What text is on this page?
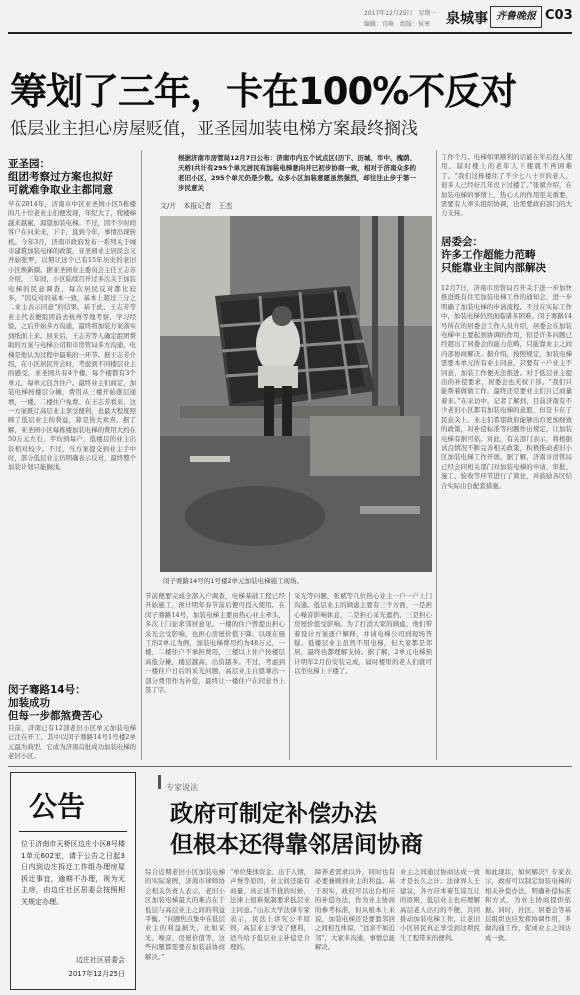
2017年12月25日　星期一
编辑：宫峰　组版：侯寒 泉城事 齐鲁晚报 C03
筹划了三年，卡在100%不反对
低层业主担心房屋贬值，亚圣园加装电梯方案最终搁浅
亚圣园：
组团考察过方案也拟好
可就难争取业主都同意
早在2014年，济南市中区亚圣园小区5栋楼的几十位老业主们便发现，年纪大了，爬楼梯越来越累，渴望加装电梯。不过，因不少时间客户在问来来，下手，直到今年，事情出现转机。今年3月，济南市政府发布一系列关于城市建筑加装电梯的政策，亚圣园业主居民会又开始张罗，以期让这个已有15年历史的老旧小区焕新颜。据亚圣园业主委员会主任王志芳介绍，三年间，小区陆续召开过多次关于加装电梯的民意调查，每次居民反对都比较多，“因反对的基本一致，基本上超过三分之二业主表示同意”的结果。基于此，王志芳等业主代表便组团前去杭州等地考察、学习经验，之后开始多方沟通，最终将加装方案落实到纸面上来。回来后，王志芳等人确定组团帮助的方案与电梯公司和市房管局多方沟通，电梯是他认为过程中最难的一环节。据王志芳介绍，在小区居民开会时，考虑到不同楼层业主的感受，亚圣园共有4个楼，每个楼都有3个单元，每单元包含住户。最终业主们商定，加装电梯按楼层分摊，费用从三楼开始逐层递增，一楼、二楼住户免费。在王志芳看来，这一方案既让高层业主享受便利，也最大程度照顾了低层业主的利益，算是皆大欢喜。据了解，亚圣园小区每栋楼加装电梯的费用大约在50万元左右，平均到每户，低楼层的业主出资相对较少。不过，当方案提交到业主手中时，部分低层业主仍明确表示反对，最终整个加装计划只能搁浅。
闵子骞路14号：
加装成功
但每一步都煞费苦心
目前，济南已有12部老旧小区单元加装电梯已注在开工，其中以闵子骞路14号1号楼2单元最为典型，它成为济南首批成功加装电梯的老旧小区。
根据济南市房管局12月7日公布：济南市内五个试点区(历下、历城、市中、槐荫、天桥)共计有295个单元居民有加装电梯意向并已初步协商一致，相对于济南众多的老旧小区，295个单元仍是少数。众多小区加装意愿虽然强烈，却往往止步于第一步民意关
文/片　本报记者　王杰
闵子赛路14号的1号楼2单元加装电梯施工现场。
节前便要完成全部入户调查，电梯基础工程已经开始施工，预计明年春节前后便可投入使用。在闵子骞路14号，加装电梯主要由热心业主牵头，多次上门征求邻居意见。一楼的住户曾提出担心采光会受影响，也担心房屋价值下降。以现在施工的2单元为例，加装电梯费用约为48万元，一楼、二楼住户不承担费用，三楼以上住户按楼层高低分摊，楼层越高，出资越多。不过，考虑到一楼住户日后的采光问题，高层业主自愿拿出一部分费用作为补偿，最终让一楼住户在同意书上签了字。
采光等问题，张斌等几位热心业主一户一户上门沟通。低层业主的顾虑主要有三个方面，一是担心噪音影响休息，二是担心采光遮挡，三是担心房屋价值受影响。为了打消大家的顾虑，他们带着设计方案逐户解释，并请电梯公司到现场答疑。低楼层业主虽然不用电梯，但大家都是邻居，最终也都理解支持。据了解，2单元电梯预计明年2月份安装完成，届时楼里的老人们就可以坐电梯上下楼了。
工作个月。电梯如果顺利的话能在年后投入使用，届时楼上的老年人下楼就不再困难了。“我们这栋楼住了不少七八十岁的老人，很多人已经好几年没下过楼了。”张斌介绍，在加装电梯的事情上，热心人的作用至关重要，需要有人牵头组织协调，也需要政府部门的大力支持。
居委会：
许多工作超能力范畴
只能靠业主间内部解决
12月7日，济南市房管局召开关于进一步加快推进既有住宅加装电梯工作的通知会，进一步明确了加装电梯的申请流程。不过在实际工作中，加装电梯仍然面临诸多困难。闵子骞路14号所在的居委会工作人员介绍，居委会在加装电梯中主要起到协调的作用，但是许多问题已经超出了居委会的能力范畴，只能靠业主之间内部协商解决。据介绍，按照规定，加装电梯需要本单元所有业主同意，只要有一户业主不同意，加装工作便无法推进。对于低层业主提出的补偿要求，居委会也无权干涉。“我们只能帮着做做工作，最终还是要业主们自己商量着来。”在采访中，记者了解到，目前济南有不少老旧小区都有加装电梯的意愿，但是卡在了民意关上。业主们希望政府能够出台更加细致的政策，对补偿标准等问题作出规定，让加装电梯有据可依。对此，有关部门表示，将根据试点情况不断完善相关政策，积极推动老旧小区加装电梯工作开展。据了解，济南市房管局已经会同相关部门对加装电梯的申请、审批、施工、验收等环节进行了简化，并鼓励各区结合实际出台配套措施。
公告
位于济南市天桥区边庄小区8号楼1单元602室，请于公告之日起3日内到边庄拆迁工作组办理房屋拆迁事宜，逾期不办理，视为无主房，由边庄社区居委会按照相关规定办理。
边庄社区居委会
2017年12月25日
专家说法
政府可制定补偿办法
但根本还得靠邻居间协商
综合近期老旧小区加装电梯的实际案例，济南市律师协会相关负责人表示，老旧小区加装电梯最大的难点在于低层与高层业主之间的利益平衡。“问题焦点集中在低层业主的利益损失，比如采光、噪音、房屋价值等，这些问题都需要在加装前协商解决。”
“单位集体资金、出于人情，声誉等原因，业主间还能有商量，真正谈不拢的时候，法律上很难强制要求低层业主同意。”山东大学法律专家表示，民法上讲究公平原则，高层业主享受了便利，适当给予低层业主补偿是合理的。
障养老需求以外，同时也有必要兼顾到业主的利益。基于现实，政府可以出台相应的补偿办法，作为业主协商的参考标准，但从根本上来说，加装电梯还是要靠邻居之间相互体谅，“远亲不如近邻”，大家多沟通，事情总能解决。
业主之间通过协商达成一致才是长久之计。法律界人士建议，各方应本着互谅互让的原则，低层业主也应理解高层老人出行的不便，共同推动加装电梯工作，让老旧小区居民真正享受到这项民生工程带来的便利。
如此现状，如何解决？专家表示，政府可以制定加装电梯的相关补偿办法，明确补偿标准和方式，为业主协商提供依据。同时，社区、居委会等基层组织也应发挥协调作用，多做沟通工作，促成业主之间达成一致。
